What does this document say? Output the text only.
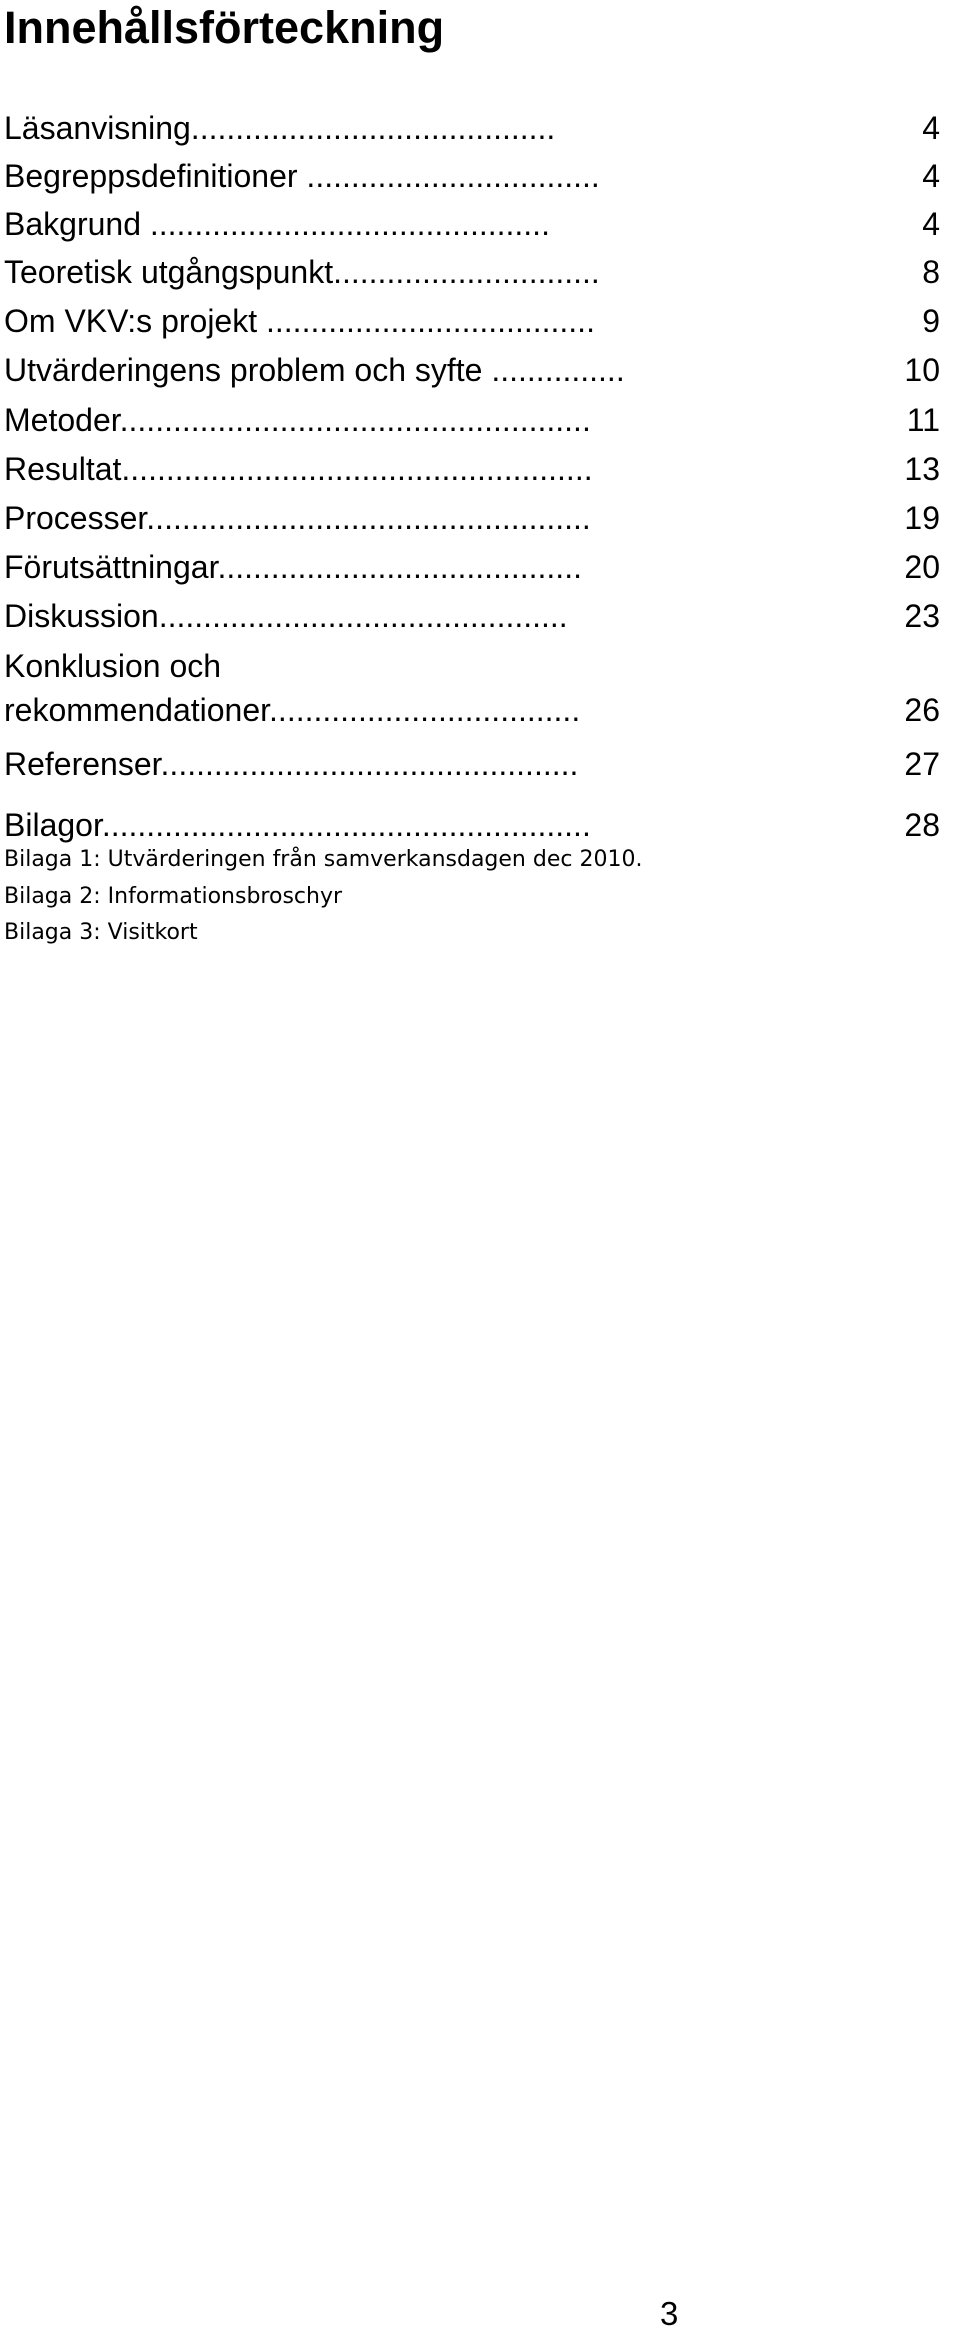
Innehållsförteckning
Läsanvisning.........................................	4
Begreppsdefinitioner .................................	4
Bakgrund .............................................	4
Teoretisk utgångspunkt..............................	8
Om VKV:s projekt .....................................	9
Utvärderingens problem och syfte ...............	10
Metoder.....................................................	11
Resultat.....................................................	13
Processer..................................................	19
Förutsättningar.........................................	20
Diskussion..............................................	23
Konklusion och
rekommendationer...................................	26
Referenser...............................................	27
Bilagor.......................................................	28
Bilaga 1: Utvärderingen från samverkansdagen dec 2010.
Bilaga 2: Informationsbroschyr
Bilaga 3: Visitkort
3
